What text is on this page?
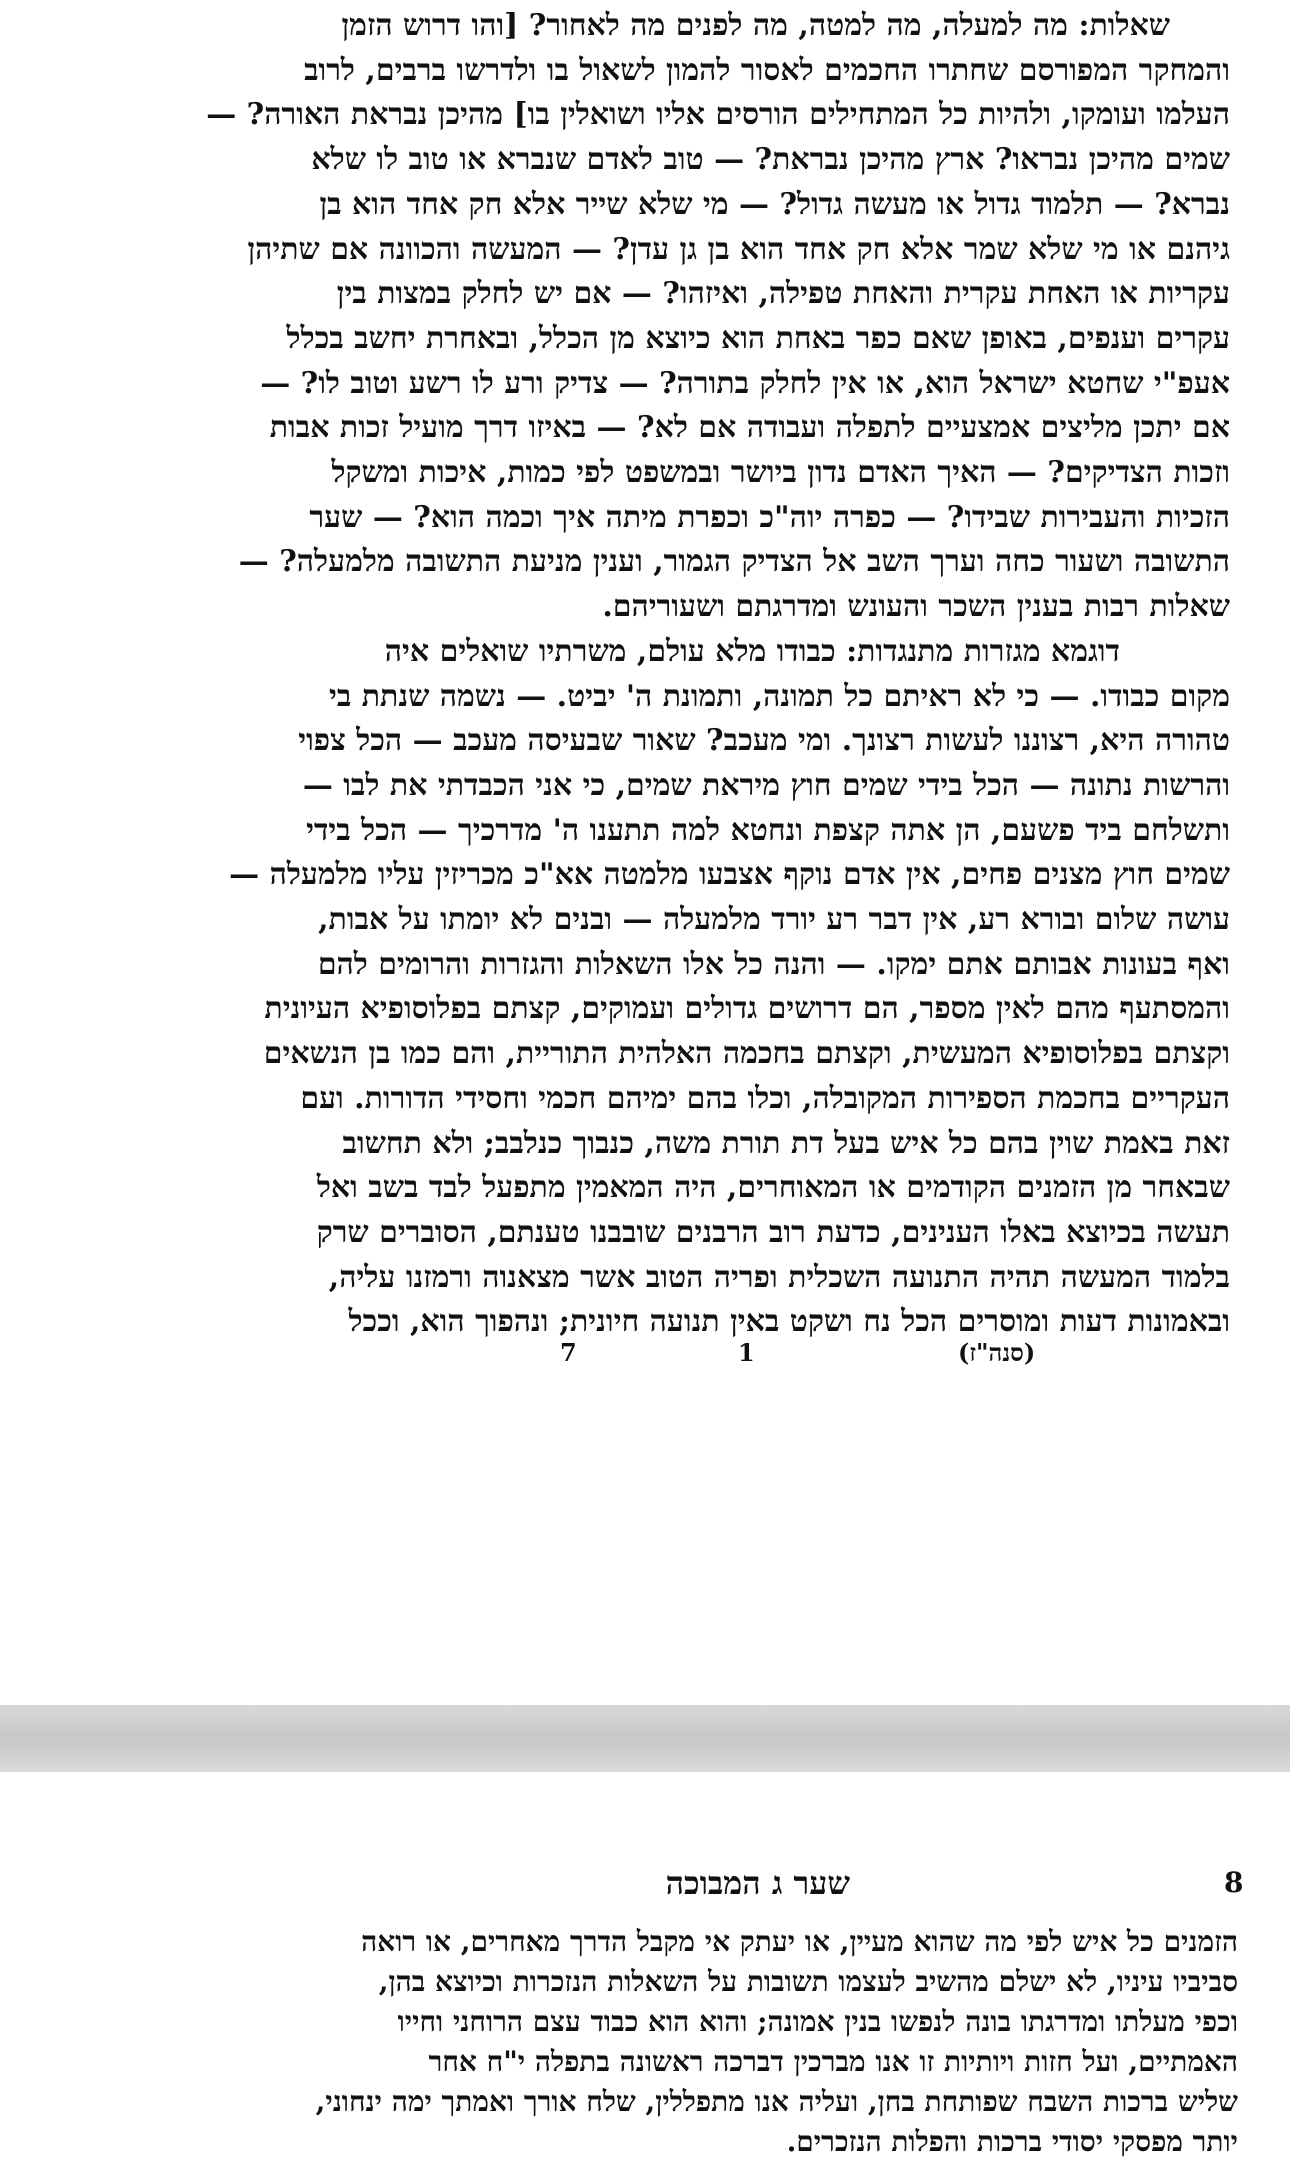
שאלות: מה למעלה, מה למטה, מה לפנים מה לאחור? [והו דרוש הזמן
והמחקר המפורסם שחתרו החכמים לאסור להמון לשאול בו ולדרשו ברבים, לרוב
העלמו ועומקו, ולהיות כל המתחילים הורסים אליו ושואלין בו] מהיכן נבראת האורה? —
שמים מהיכן נבראו? ארץ מהיכן נבראת? — טוב לאדם שנברא או טוב לו שלא
נברא? — תלמוד גדול או מעשה גדול? — מי שלא שייר אלא חק אחד הוא בן
גיהנם או מי שלא שמר אלא חק אחד הוא בן גן עדן? — המעשה והכוונה אם שתיהן
עקריות או האחת עקרית והאחת טפילה, ואיזהו? — אם יש לחלק במצות בין
עקרים וענפים, באופן שאם כפר באחת הוא כיוצא מן הכלל, ובאחרת יחשב בכלל
אעפ"י שחטא ישראל הוא, או אין לחלק בתורה? — צדיק ורע לו רשע וטוב לו? —
אם יתכן מליצים אמצעיים לתפלה ועבודה אם לא? — באיזו דרך מועיל זכות אבות
וזכות הצדיקים? — האיך האדם נדון ביושר ובמשפט לפי כמות, איכות ומשקל
הזכיות והעבירות שבידו? — כפרה יוה"כ וכפרת מיתה איך וכמה הוא? — שער
התשובה ושעור כחה וערך השב אל הצדיק הגמור, וענין מניעת התשובה מלמעלה? —
שאלות רבות בענין השכר והעונש ומדרגתם ושעוריהם.
דוגמא מגזרות מתנגדות: כבודו מלא עולם, משרתיו שואלים איה
מקום כבודו. — כי לא ראיתם כל תמונה, ותמונת ה' יביט. — נשמה שנתת בי
טהורה היא, רצוננו לעשות רצונך. ומי מעכב? שאור שבעיסה מעכב — הכל צפוי
והרשות נתונה — הכל בידי שמים חוץ מיראת שמים, כי אני הכבדתי את לבו —
ותשלחם ביד פשעם, הן אתה קצפת ונחטא למה תתענו ה' מדרכיך — הכל בידי
שמים חוץ מצנים פחים, אין אדם נוקף אצבעו מלמטה אא"כ מכריזין עליו מלמעלה —
עושה שלום ובורא רע, אין דבר רע יורד מלמעלה — ובנים לא יומתו על אבות,
ואף בעונות אבותם אתם ימקו. — והנה כל אלו השאלות והגזרות והרומים להם
והמסתעף מהם לאין מספר, הם דרושים גדולים ועמוקים, קצתם בפלוסופיא העיונית
וקצתם בפלוסופיא המעשית, וקצתם בחכמה האלהית התוריית, והם כמו בן הנשאים
העקריים בחכמת הספירות המקובלה, וכלו בהם ימיהם חכמי וחסידי הדורות. ועם
זאת באמת שוין בהם כל איש בעל דת תורת משה, כנבוך כנלבב; ולא תחשוב
שבאחר מן הזמנים הקודמים או המאוחרים, היה המאמין מתפעל לבד בשב ואל
תעשה בכיוצא באלו הענינים, כדעת רוב הרבנים שובבנו טענתם, הסוברים שרק
בלמוד המעשה תהיה התנועה השכלית ופריה הטוב אשר מצאנוה ורמזנו עליה,
ובאמונות דעות ומוסרים הכל נח ושקט באין תנועה חיונית; ונהפוך הוא, וככל
7	1	(סנה"ז)
שער ג המבוכה	8
הזמנים כל איש לפי מה שהוא מעיין, או יעתק אי מקבל הדרך מאחרים, או רואה
סביביו עיניו, לא ישלם מהשיב לעצמו תשובות על השאלות הנזכרות וכיוצא בהן,
וכפי מעלתו ומדרגתו בונה לנפשו בנין אמונה; והוא הוא כבוד עצם הרוחני וחייו
האמתיים, ועל חזות ויותיות זו אנו מברכין דברכה ראשונה בתפלה י"ח אחר
שליש ברכות השבח שפותחת בחן, ועליה אנו מתפללין, שלח אורך ואמתך ימה ינחוני,
יותר מפסקי יסודי ברכות והפלות הנזכרים.
